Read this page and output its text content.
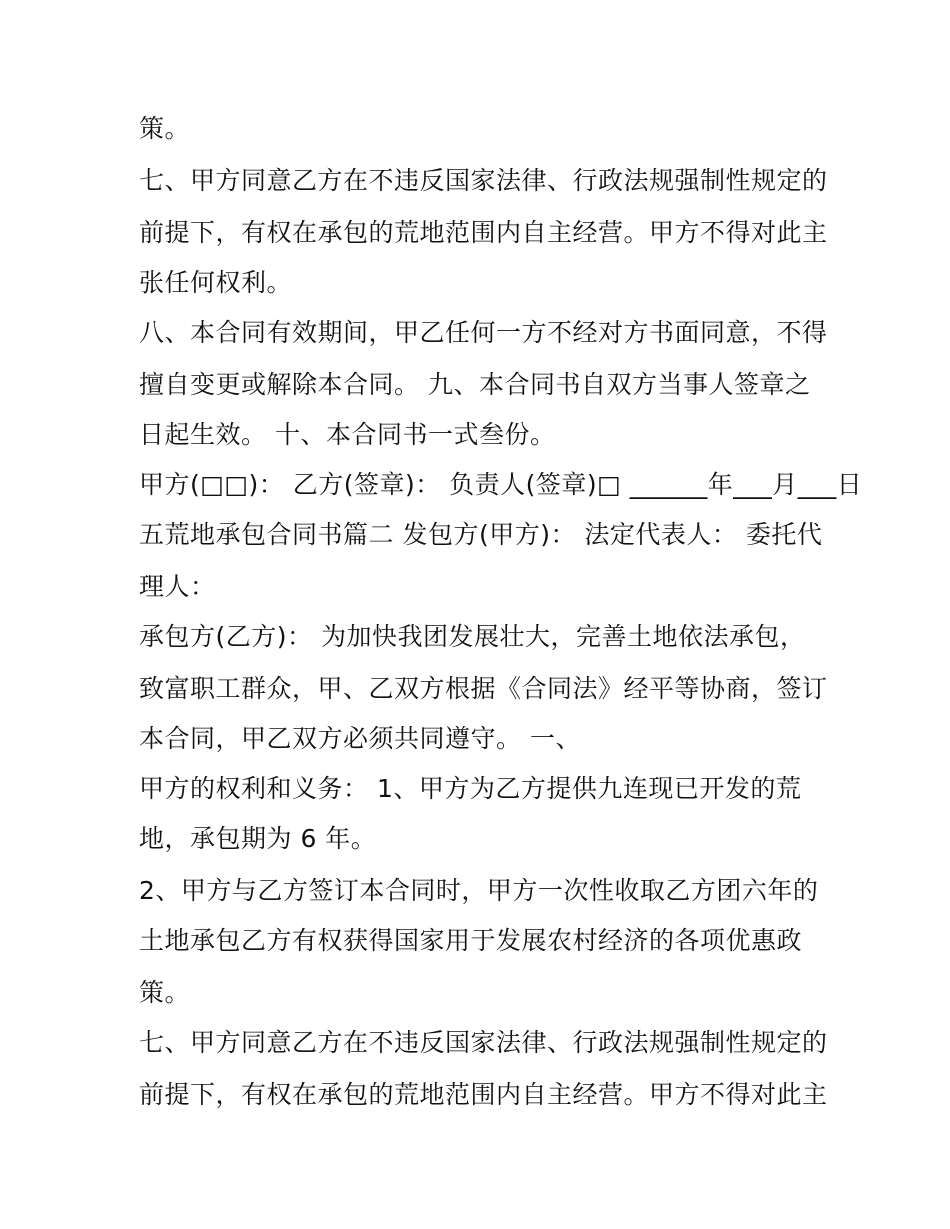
策。
七、甲方同意乙方在不违反国家法律、行政法规强制性规定的
前提下，有权在承包的荒地范围内自主经营。甲方不得对此主
张任何权利。
八、本合同有效期间，甲乙任何一方不经对方书面同意，不得
擅自变更或解除本合同。 九、本合同书自双方当事人签章之
日起生效。 十、本合同书一式叁份。
甲方(□□)： 乙方(签章)： 负责人(签章)□ ______年___月___日
五荒地承包合同书篇二 发包方(甲方)： 法定代表人： 委托代
理人：
承包方(乙方)： 为加快我团发展壮大，完善土地依法承包，
致富职工群众，甲、乙双方根据《合同法》经平等协商，签订
本合同，甲乙双方必须共同遵守。 一、
甲方的权利和义务： 1、甲方为乙方提供九连现已开发的荒
地，承包期为 6 年。
2、甲方与乙方签订本合同时，甲方一次性收取乙方团六年的
土地承包乙方有权获得国家用于发展农村经济的各项优惠政
策。
七、甲方同意乙方在不违反国家法律、行政法规强制性规定的
前提下，有权在承包的荒地范围内自主经营。甲方不得对此主
